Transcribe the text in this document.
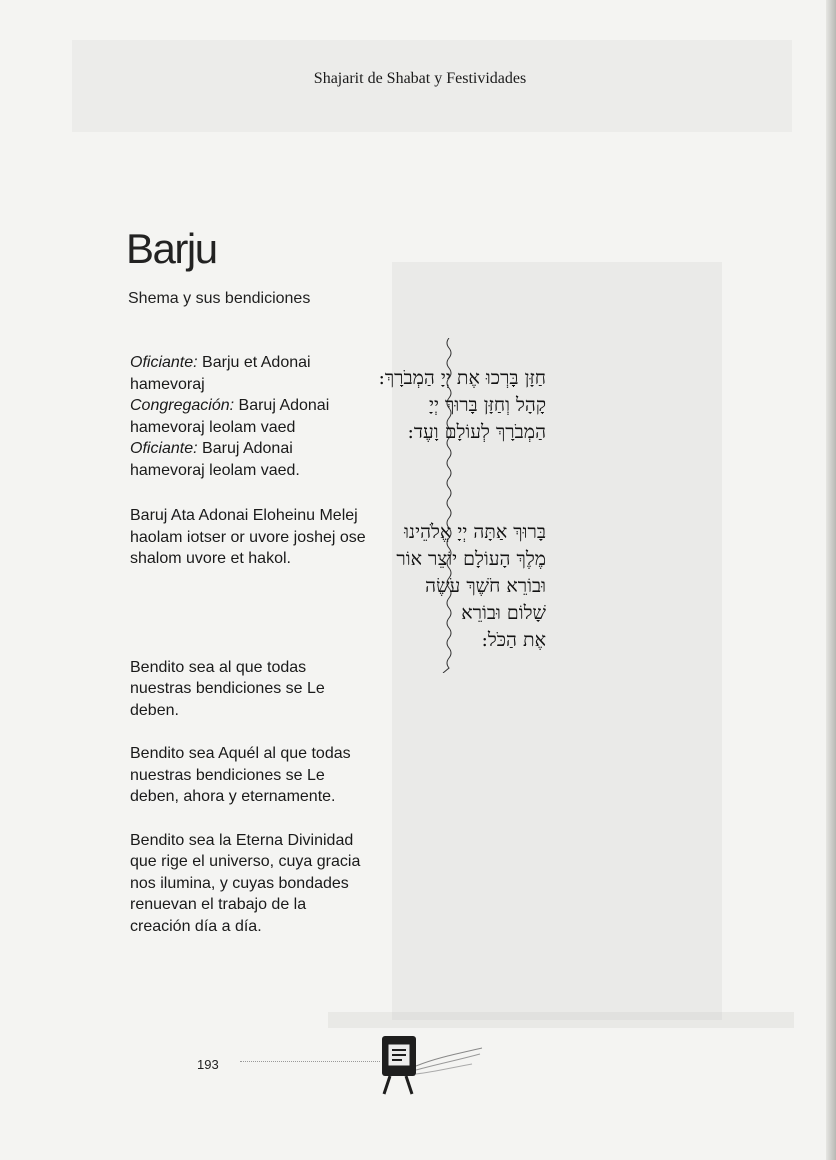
Shajarit de Shabat y Festividades
Barju
Shema y sus bendiciones

Oficiante: Barju et Adonai hamevoraj

Congregación: Baruj Adonai hamevoraj leolam vaed

Oficiante: Baruj Adonai hamevoraj leolam vaed.

Baruj Ata Adonai Eloheinu Melej haolam iotser or uvore joshej ose shalom uvore et hakol.

Bendito sea al que todas nuestras bendiciones se Le deben.

Bendito sea Aquél al que todas nuestras bendiciones se Le deben, ahora y eternamente.

Bendito sea la Eterna Divinidad que rige el universo, cuya gracia nos ilumina, y cuyas bondades renuevan el trabajo de la creación día a día.

חַזָּן בָּרְכוּ אֶת יְיָ הַמְבֹרָךְ:

קָהָל וְחַזָּן בָּרוּךְ יְיָ

הַמְבֹרָךְ לְעוֹלָם וָעֶד:

בָּרוּךְ אַתָּה יְיָ אֱלֹהֵינוּ

מֶלֶךְ הָעוֹלָם יוֹצֵר אוֹר

וּבוֹרֵא חֹשֶׁךְ עֹשֶׂה

שָׁלוֹם וּבוֹרֵא

אֶת הַכֹּל:

193
